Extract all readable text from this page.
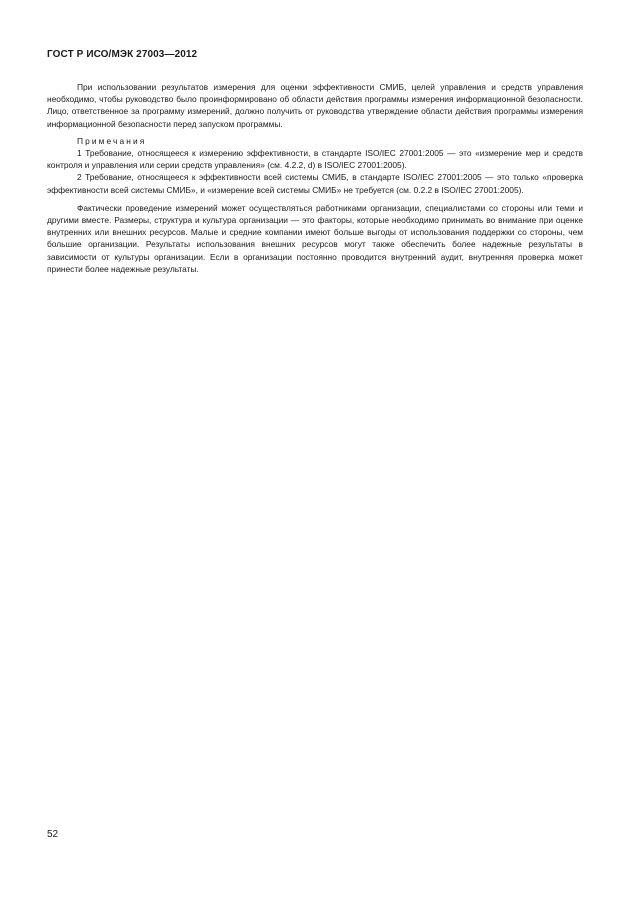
ГОСТ Р ИСО/МЭК 27003—2012

При использовании результатов измерения для оценки эффективности СМИБ, целей управления и средств управления необходимо, чтобы руководство было проинформировано об области действия программы измерения информационной безопасности. Лицо, ответственное за программу измерений, должно получить от руководства утверждение области действия программы измерения информационной безопасности перед запуском программы.

Примечания

1 Требование, относящееся к измерению эффективности, в стандарте ISO/IEC 27001:2005 — это «измерение мер и средств контроля и управления или серии средств управления» (см. 4.2.2, d) в ISO/IEC 27001:2005).

2 Требование, относящееся к эффективности всей системы СМИБ, в стандарте ISO/IEC 27001:2005 — это только «проверка эффективности всей системы СМИБ», и «измерение всей системы СМИБ» не требуется (см. 0.2.2 в ISO/IEC 27001:2005).

Фактически проведение измерений может осуществляться работниками организации, специалистами со стороны или теми и другими вместе. Размеры, структура и культура организации — это факторы, которые необходимо принимать во внимание при оценке внутренних или внешних ресурсов. Малые и средние компании имеют больше выгоды от использования поддержки со стороны, чем большие организации. Результаты использования внешних ресурсов могут также обеспечить более надежные результаты в зависимости от культуры организации. Если в организации постоянно проводится внутренний аудит, внутренняя проверка может принести более надежные результаты.

52
